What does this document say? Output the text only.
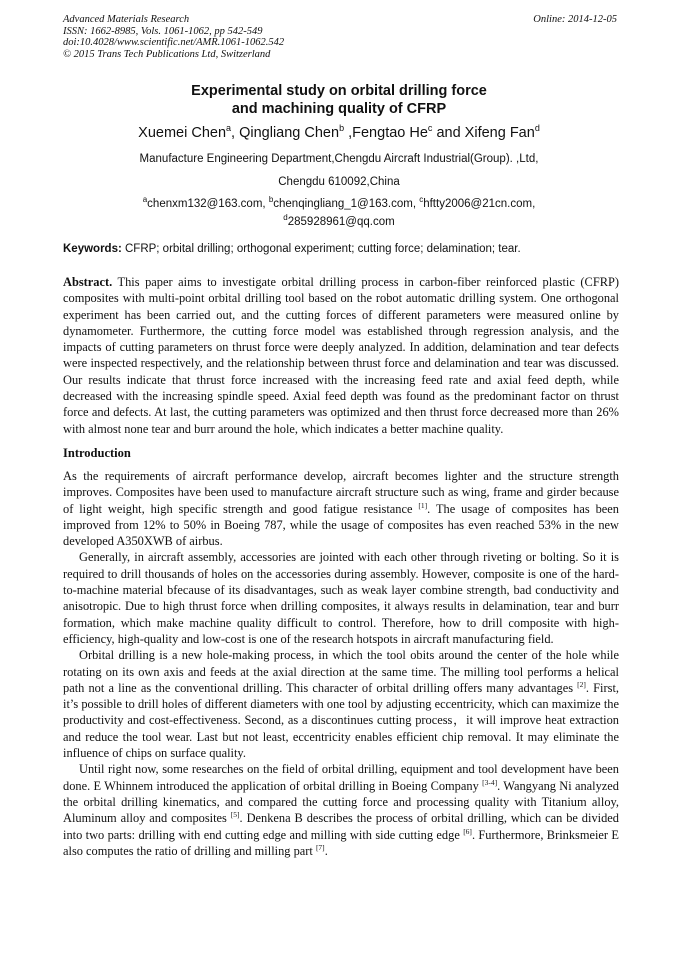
Advanced Materials Research
ISSN: 1662-8985, Vols. 1061-1062, pp 542-549
doi:10.4028/www.scientific.net/AMR.1061-1062.542
© 2015 Trans Tech Publications Ltd, Switzerland
Online: 2014-12-05
Experimental study on orbital drilling force
and machining quality of CFRP
Xuemei Chen$^a$, Qingliang Chen$^b$ ,Fengtao He$^c$ and Xifeng Fan$^d$
Manufacture Engineering Department,Chengdu Aircraft Industrial(Group). ,Ltd,
Chengdu 610092,China
$^a$chenxm132@163.com, $^b$chenqingliang_1@163.com, $^c$hftty2006@21cn.com,
$^d$285928961@qq.com
Keywords: CFRP; orbital drilling; orthogonal experiment; cutting force; delamination; tear.

Abstract. This paper aims to investigate orbital drilling process in carbon-fiber reinforced plastic (CFRP) composites with multi-point orbital drilling tool based on the robot automatic drilling system. One orthogonal experiment has been carried out, and the cutting forces of different parameters were measured online by dynamometer. Furthermore, the cutting force model was established through regression analysis, and the impacts of cutting parameters on thrust force were deeply analyzed. In addition, delamination and tear defects were inspected respectively, and the relationship between thrust force and delamination and tear was discussed. Our results indicate that thrust force increased with the increasing feed rate and axial feed depth, while decreased with the increasing spindle speed. Axial feed depth was found as the predominant factor on thrust force and defects. At last, the cutting parameters was optimized and then thrust force decreased more than 26% with almost none tear and burr around the hole, which indicates a better machine quality.

Introduction

As the requirements of aircraft performance develop, aircraft becomes lighter and the structure strength improves. Composites have been used to manufacture aircraft structure such as wing, frame and girder because of light weight, high specific strength and good fatigue resistance [1]. The usage of composites has been improved from 12% to 50% in Boeing 787, while the usage of composites has even reached 53% in the new developed A350XWB of airbus.

Generally, in aircraft assembly, accessories are jointed with each other through riveting or bolting. So it is required to drill thousands of holes on the accessories during assembly. However, composite is one of the hard-to-machine material bfecause of its disadvantages, such as weak layer combine strength, bad conductivity and anisotropic. Due to high thrust force when drilling composites, it always results in delamination, tear and burr formation, which make machine quality difficult to control. Therefore, how to drill composite with high-efficiency, high-quality and low-cost is one of the research hotspots in aircraft manufacturing field.

Orbital drilling is a new hole-making process, in which the tool obits around the center of the hole while rotating on its own axis and feeds at the axial direction at the same time. The milling tool performs a helical path not a line as the conventional drilling. This character of orbital drilling offers many advantages [2]. First, it’s possible to drill holes of different diameters with one tool by adjusting eccentricity, which can maximize the productivity and cost-effectiveness. Second, as a discontinues cutting process，it will improve heat extraction and reduce the tool wear. Last but not least, eccentricity enables efficient chip removal. It may eliminate the influence of chips on surface quality.

Until right now, some researches on the field of orbital drilling, equipment and tool development have been done. E Whinnem introduced the application of orbital drilling in Boeing Company [3-4]. Wangyang Ni analyzed the orbital drilling kinematics, and compared the cutting force and processing quality with Titanium alloy, Aluminum alloy and composites [5]. Denkena B describes the process of orbital drilling, which can be divided into two parts: drilling with end cutting edge and milling with side cutting edge [6]. Furthermore, Brinksmeier E also computes the ratio of drilling and milling part [7].
